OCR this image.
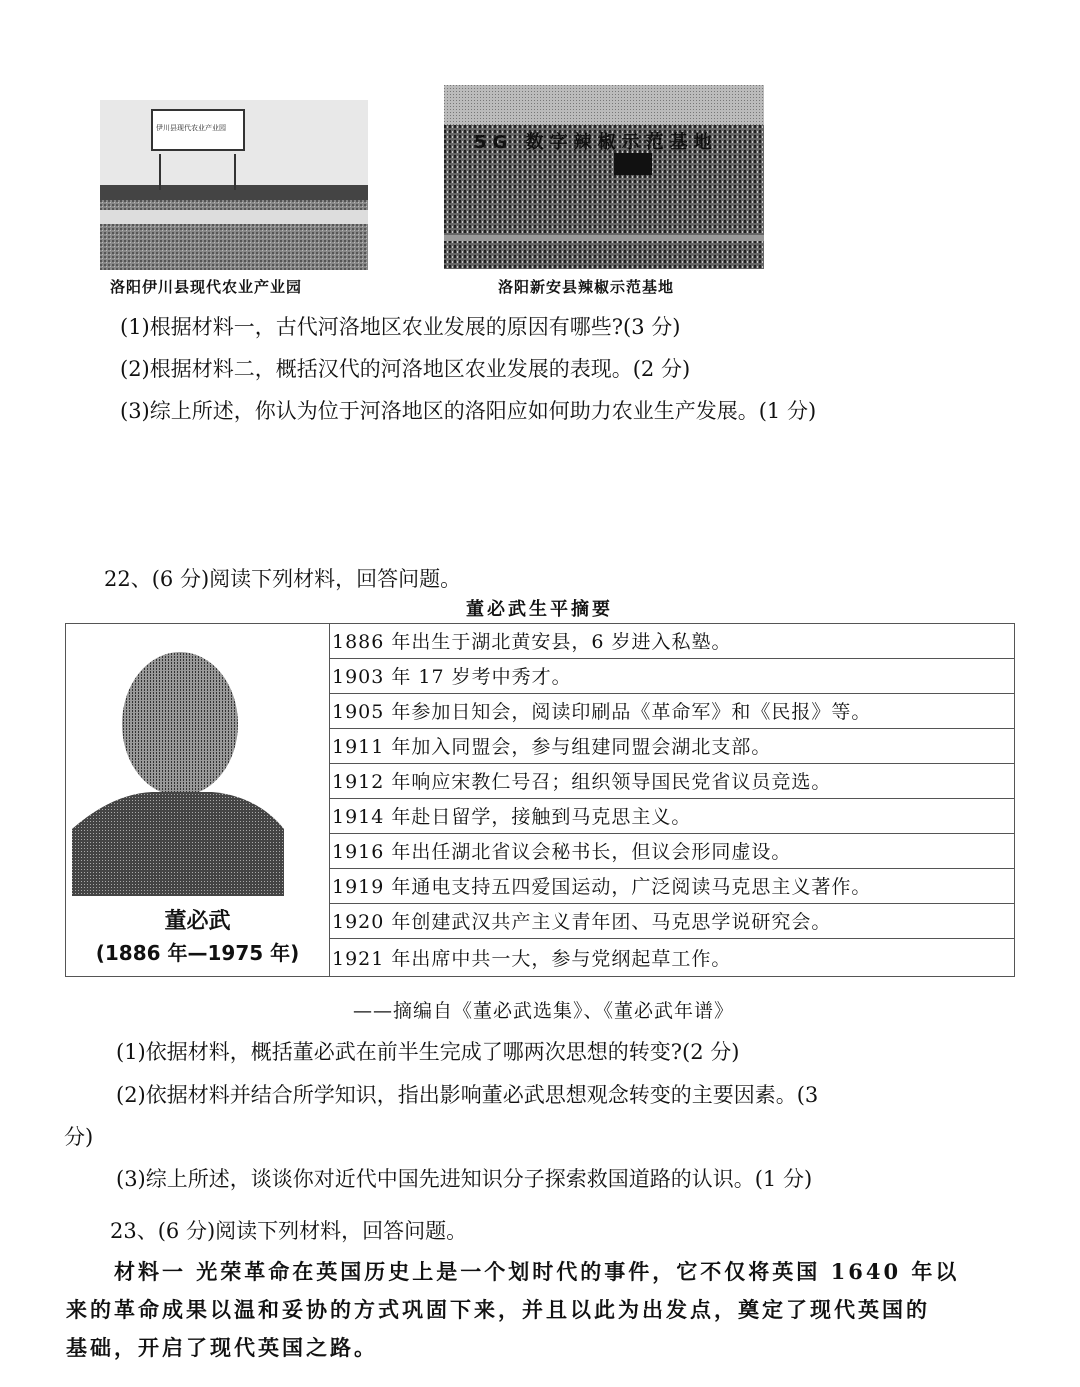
伊川县现代农业产业园
洛阳伊川县现代农业产业园
5G 数字辣椒示范基地
洛阳新安县辣椒示范基地
(1)根据材料一，古代河洛地区农业发展的原因有哪些?(3 分)
(2)根据材料二，概括汉代的河洛地区农业发展的表现。(2 分)
(3)综上所述，你认为位于河洛地区的洛阳应如何助力农业生产发展。(1 分)
22、(6 分)阅读下列材料，回答问题。
董必武生平摘要
董必武
(1886 年—1975 年)
	1886 年出生于湖北黄安县，6 岁进入私塾。
1903 年 17 岁考中秀才。
1905 年参加日知会，阅读印刷品《革命军》和《民报》等。
1911 年加入同盟会，参与组建同盟会湖北支部。
1912 年响应宋教仁号召；组织领导国民党省议员竞选。
1914 年赴日留学，接触到马克思主义。
1916 年出任湖北省议会秘书长，但议会形同虚设。
1919 年通电支持五四爱国运动，广泛阅读马克思主义著作。
1920 年创建武汉共产主义青年团、马克思学说研究会。
1921 年出席中共一大，参与党纲起草工作。
——摘编自《董必武选集》、《董必武年谱》
(1)依据材料，概括董必武在前半生完成了哪两次思想的转变?(2 分)
(2)依据材料并结合所学知识，指出影响董必武思想观念转变的主要因素。(3
分)
(3)综上所述，谈谈你对近代中国先进知识分子探索救国道路的认识。(1 分)
23、(6 分)阅读下列材料，回答问题。
材料一 光荣革命在英国历史上是一个划时代的事件，它不仅将英国 1640 年以
来的革命成果以温和妥协的方式巩固下来，并且以此为出发点，奠定了现代英国的
基础，开启了现代英国之路。
